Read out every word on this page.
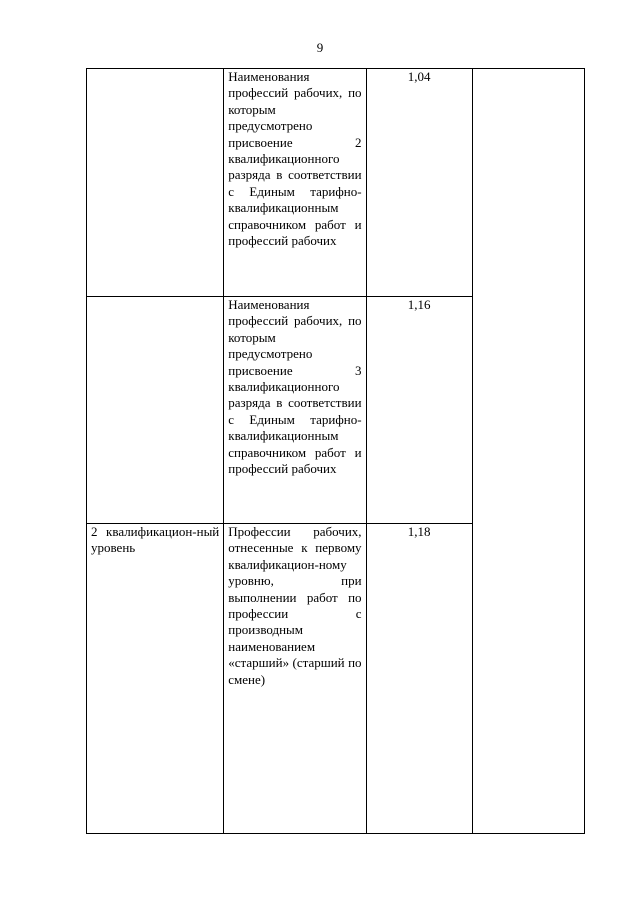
9

	Наименования профессий рабочих, по которым предусмотрено присвоение 2 квалификационного разряда в соответствии с Единым тарифно-квалификационным справочником работ и профессий рабочих	1,04	

	Наименования профессий рабочих, по которым предусмотрено присвоение 3 квалификационного разряда в соответствии с Единым тарифно-квалификационным справочником работ и профессий рабочих	1,16	

2 квалификацион-ный уровень	Профессии рабочих, отнесенные к первому квалификацион-ному уровню, при выполнении работ по профессии с производным наименованием «старший» (старший по смене)	1,18	
